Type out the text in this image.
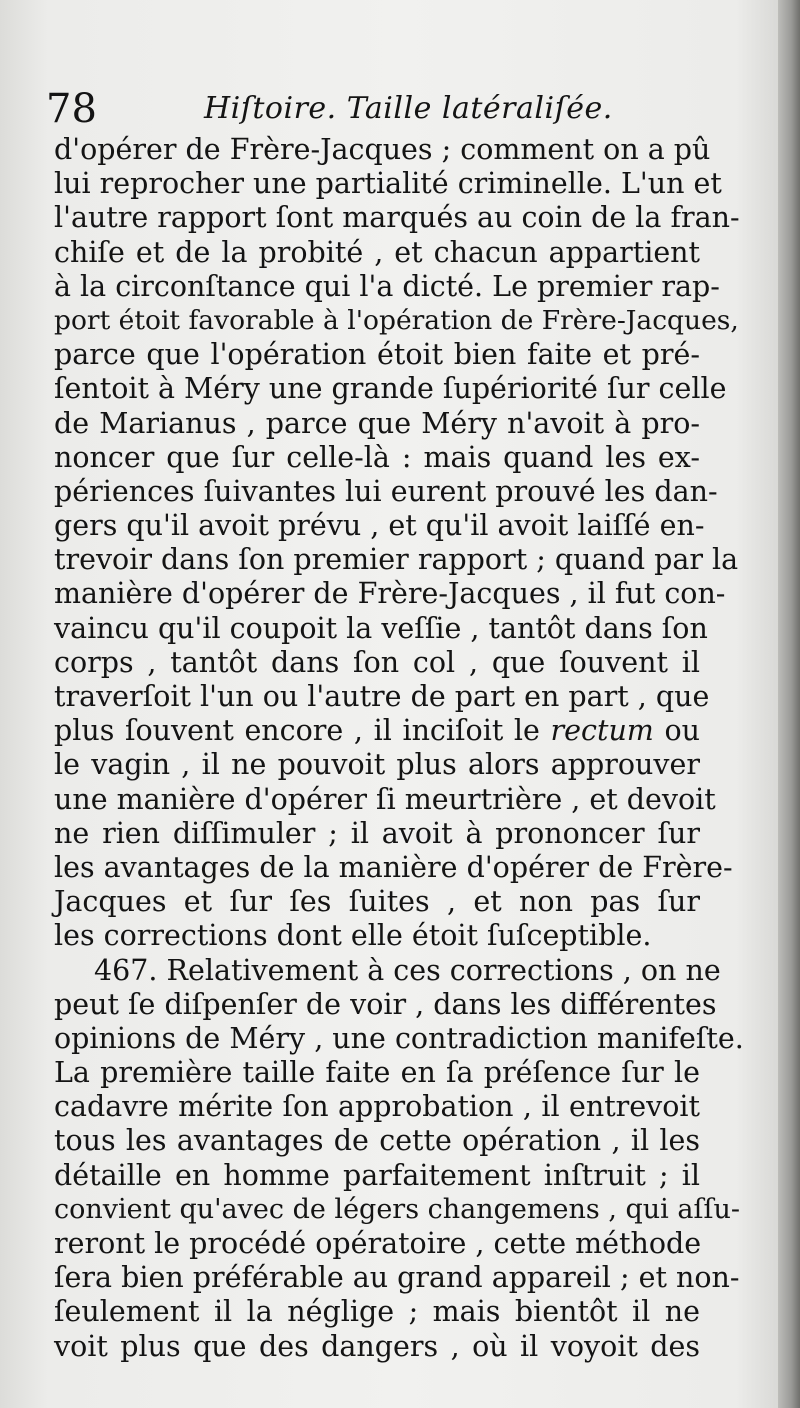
78	Hiſtoire. Taille latéraliſée.
d'opérer de Frère-Jacques ; comment on a pû
lui reprocher une partialité criminelle. L'un et
l'autre rapport ſont marqués au coin de la fran-
chiſe et de la probité , et chacun appartient
à la circonſtance qui l'a dicté. Le premier rap-
port étoit favorable à l'opération de Frère-Jacques,
parce que l'opération étoit bien faite et pré-
ſentoit à Méry une grande ſupériorité ſur celle
de Marianus , parce que Méry n'avoit à pro-
noncer que ſur celle-là : mais quand les ex-
périences ſuivantes lui eurent prouvé les dan-
gers qu'il avoit prévu , et qu'il avoit laiſſé en-
trevoir dans ſon premier rapport ; quand par la
manière d'opérer de Frère-Jacques , il fut con-
vaincu qu'il coupoit la veſſie , tantôt dans ſon
corps , tantôt dans ſon col , que ſouvent il
traverſoit l'un ou l'autre de part en part , que
plus ſouvent encore , il inciſoit le rectum ou
le vagin , il ne pouvoit plus alors approuver
une manière d'opérer ſi meurtrière , et devoit
ne rien diſſimuler ; il avoit à prononcer ſur
les avantages de la manière d'opérer de Frère-
Jacques et ſur ſes ſuites , et non pas ſur
les corrections dont elle étoit ſuſceptible.
467. Relativement à ces corrections , on ne
peut ſe diſpenſer de voir , dans les différentes
opinions de Méry , une contradiction manifeſte.
La première taille faite en ſa préſence ſur le
cadavre mérite ſon approbation , il entrevoit
tous les avantages de cette opération , il les
détaille en homme parfaitement inſtruit ; il
convient qu'avec de légers changemens , qui aſſu-
reront le procédé opératoire , cette méthode
ſera bien préférable au grand appareil ; et non-
ſeulement il la néglige ; mais bientôt il ne
voit plus que des dangers , où il voyoit des
